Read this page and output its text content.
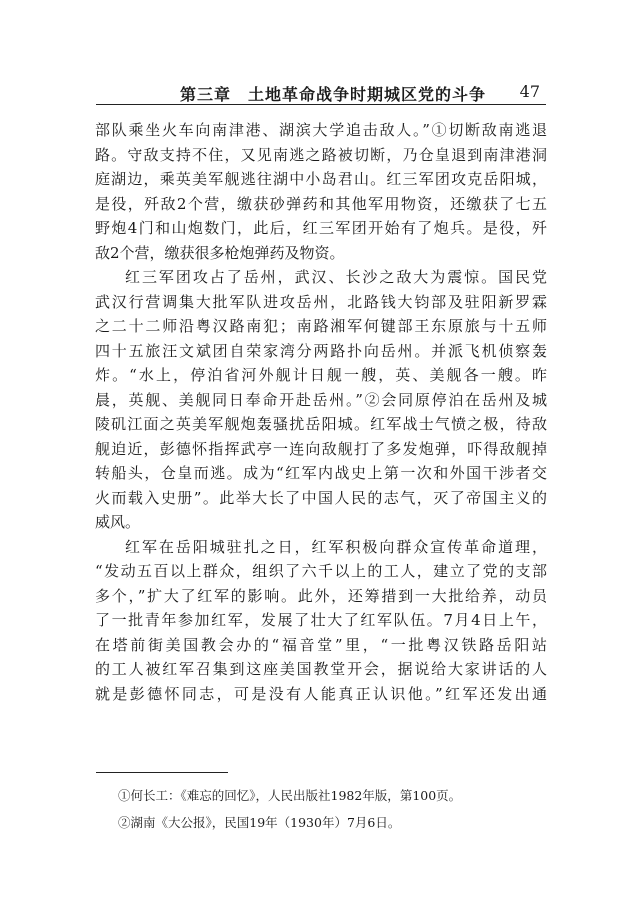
第三章　土地革命战争时期城区党的斗争 47
部队乘坐火车向南津港、湖滨大学追击敌人。”①切断敌南逃退
路。守敌支持不住，又见南逃之路被切断，乃仓皇退到南津港洞
庭湖边，乘英美军舰逃往湖中小岛君山。红三军团攻克岳阳城，
是役，歼敌2个营，缴获砂弹药和其他军用物资，还缴获了七五
野炮4门和山炮数门，此后，红三军团开始有了炮兵。是役，歼
敌2个营，缴获很多枪炮弹药及物资。
红三军团攻占了岳州，武汉、长沙之敌大为震惊。国民党
武汉行营调集大批军队进攻岳州，北路钱大钧部及驻阳新罗霖
之二十二师沿粤汉路南犯；南路湘军何键部王东原旅与十五师
四十五旅汪文斌团自荣家湾分两路扑向岳州。并派飞机侦察轰
炸。“水上，停泊省河外舰计日舰一艘，英、美舰各一艘。昨
晨，英舰、美舰同日奉命开赴岳州。”②会同原停泊在岳州及城
陵矶江面之英美军舰炮轰骚扰岳阳城。红军战士气愤之极，待敌
舰迫近，彭德怀指挥武亭一连向敌舰打了多发炮弹，吓得敌舰掉
转船头，仓皇而逃。成为“红军内战史上第一次和外国干涉者交
火而载入史册”。此举大长了中国人民的志气，灭了帝国主义的
威风。
红军在岳阳城驻扎之日，红军积极向群众宣传革命道理，
“发动五百以上群众，组织了六千以上的工人，建立了党的支部
多个，”扩大了红军的影响。此外，还筹措到一大批给养，动员
了一批青年参加红军，发展了壮大了红军队伍。7月4日上午，
在塔前街美国教会办的“福音堂”里，“一批粤汉铁路岳阳站
的工人被红军召集到这座美国教堂开会，据说给大家讲话的人
就是彭德怀同志，可是没有人能真正认识他。”红军还发出通
①何长工：《难忘的回忆》，人民出版社1982年版，第100页。
②湖南《大公报》，民国19年（1930年）7月6日。
